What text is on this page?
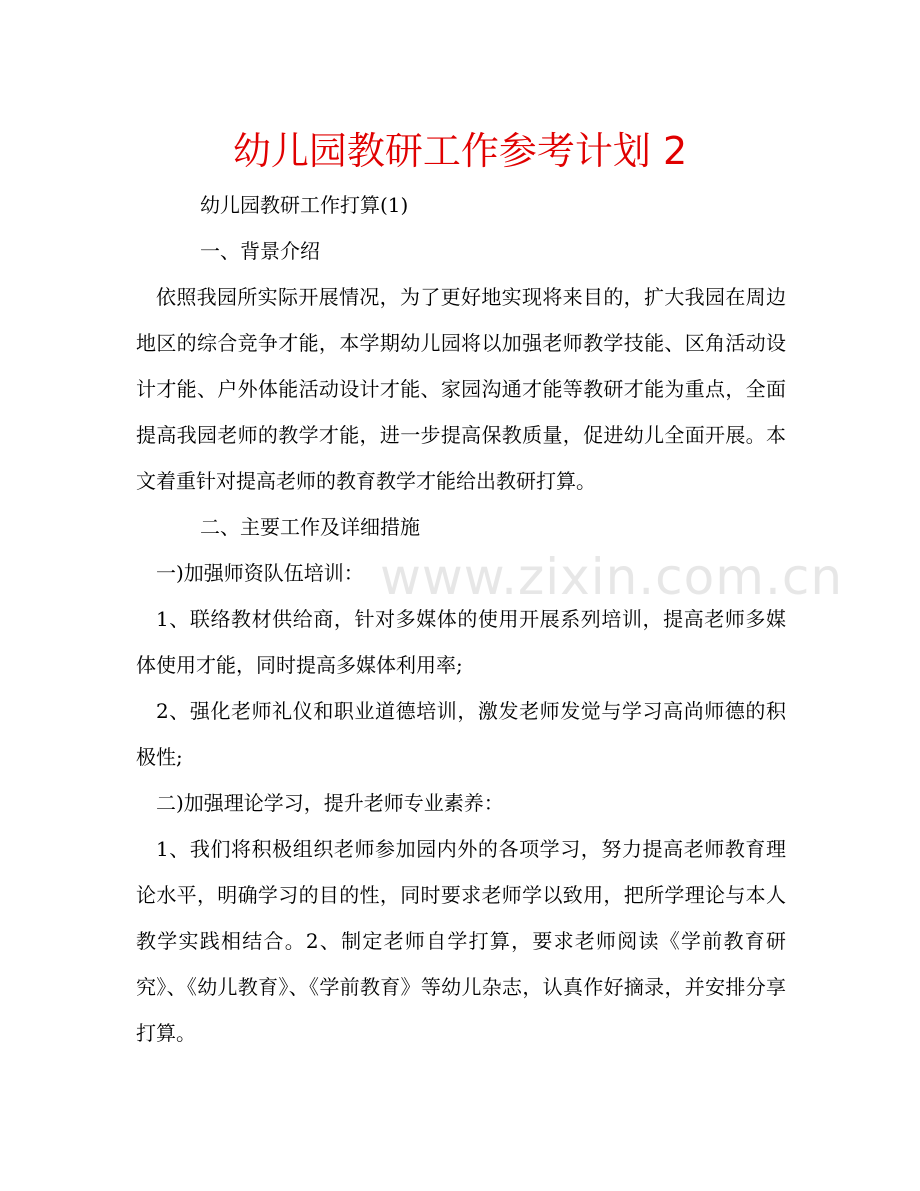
幼儿园教研工作参考计划 2

幼儿园教研工作打算(1)

一、背景介绍

依照我园所实际开展情况，为了更好地实现将来目的，扩大我园在周边地区的综合竞争才能，本学期幼儿园将以加强老师教学技能、区角活动设计才能、户外体能活动设计才能、家园沟通才能等教研才能为重点，全面提高我园老师的教学才能，进一步提高保教质量，促进幼儿全面开展。本文着重针对提高老师的教育教学才能给出教研打算。

二、主要工作及详细措施

一)加强师资队伍培训：

1、联络教材供给商，针对多媒体的使用开展系列培训，提高老师多媒体使用才能，同时提高多媒体利用率;

2、强化老师礼仪和职业道德培训，激发老师发觉与学习高尚师德的积极性;

二)加强理论学习，提升老师专业素养：

1、我们将积极组织老师参加园内外的各项学习，努力提高老师教育理论水平，明确学习的目的性，同时要求老师学以致用，把所学理论与本人教学实践相结合。2、制定老师自学打算，要求老师阅读《学前教育研究》、《幼儿教育》、《学前教育》等幼儿杂志，认真作好摘录，并安排分享打算。

www.zixin.com.cn
